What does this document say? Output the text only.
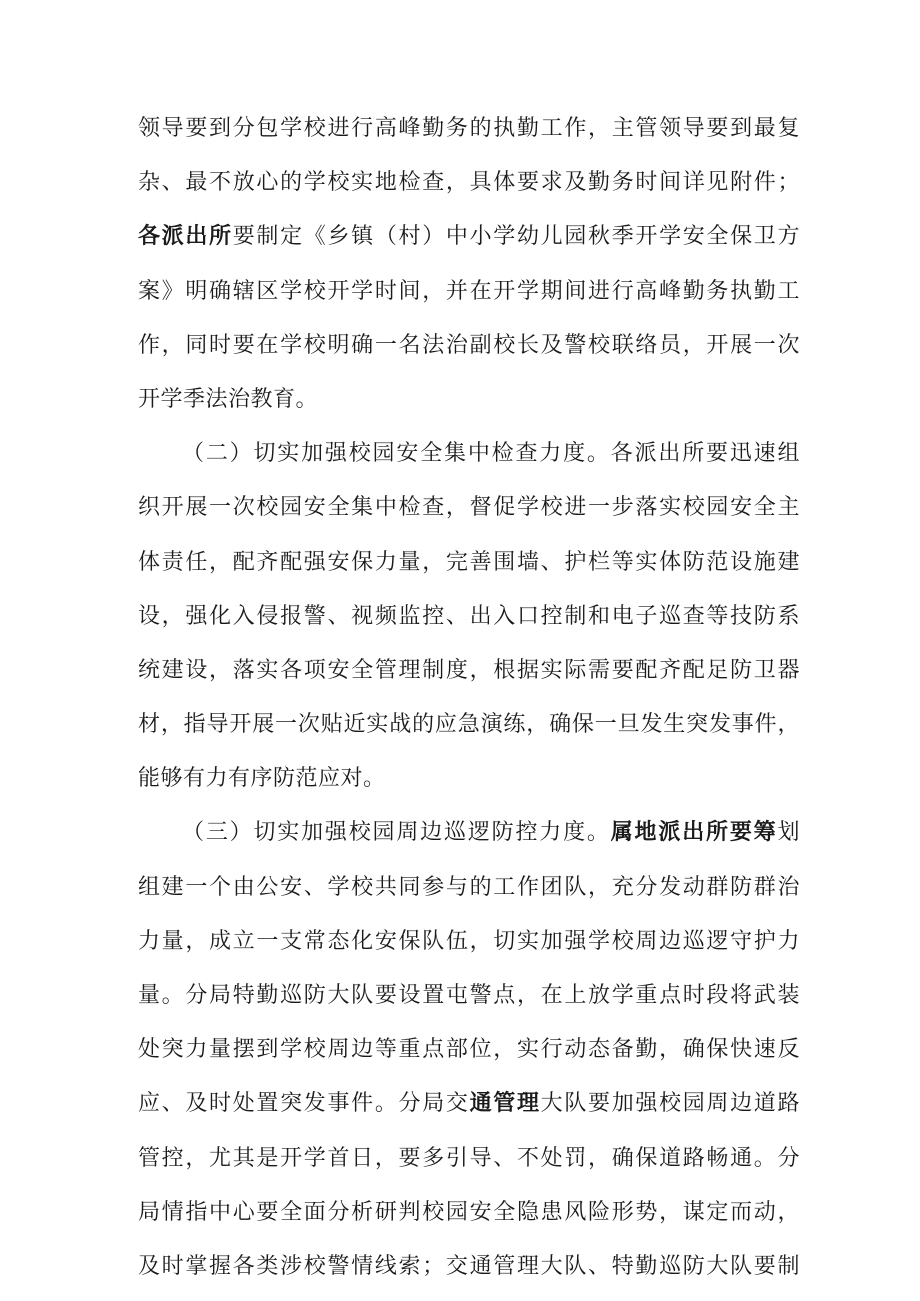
领导要到分包学校进行高峰勤务的执勤工作，主管领导要到最复
杂、最不放心的学校实地检查，具体要求及勤务时间详见附件；
各派出所要制定《乡镇（村）中小学幼儿园秋季开学安全保卫方
案》明确辖区学校开学时间，并在开学期间进行高峰勤务执勤工
作，同时要在学校明确一名法治副校长及警校联络员，开展一次
开学季法治教育。
（二）切实加强校园安全集中检查力度。各派出所要迅速组
织开展一次校园安全集中检查，督促学校进一步落实校园安全主
体责任，配齐配强安保力量，完善围墙、护栏等实体防范设施建
设，强化入侵报警、视频监控、出入口控制和电子巡查等技防系
统建设，落实各项安全管理制度，根据实际需要配齐配足防卫器
材，指导开展一次贴近实战的应急演练，确保一旦发生突发事件，
能够有力有序防范应对。
（三）切实加强校园周边巡逻防控力度。属地派出所要筹划
组建一个由公安、学校共同参与的工作团队，充分发动群防群治
力量，成立一支常态化安保队伍，切实加强学校周边巡逻守护力
量。分局特勤巡防大队要设置屯警点，在上放学重点时段将武装
处突力量摆到学校周边等重点部位，实行动态备勤，确保快速反
应、及时处置突发事件。分局交通管理大队要加强校园周边道路
管控，尤其是开学首日，要多引导、不处罚，确保道路畅通。分
局情指中心要全面分析研判校园安全隐患风险形势，谋定而动，
及时掌握各类涉校警情线索；交通管理大队、特勤巡防大队要制
